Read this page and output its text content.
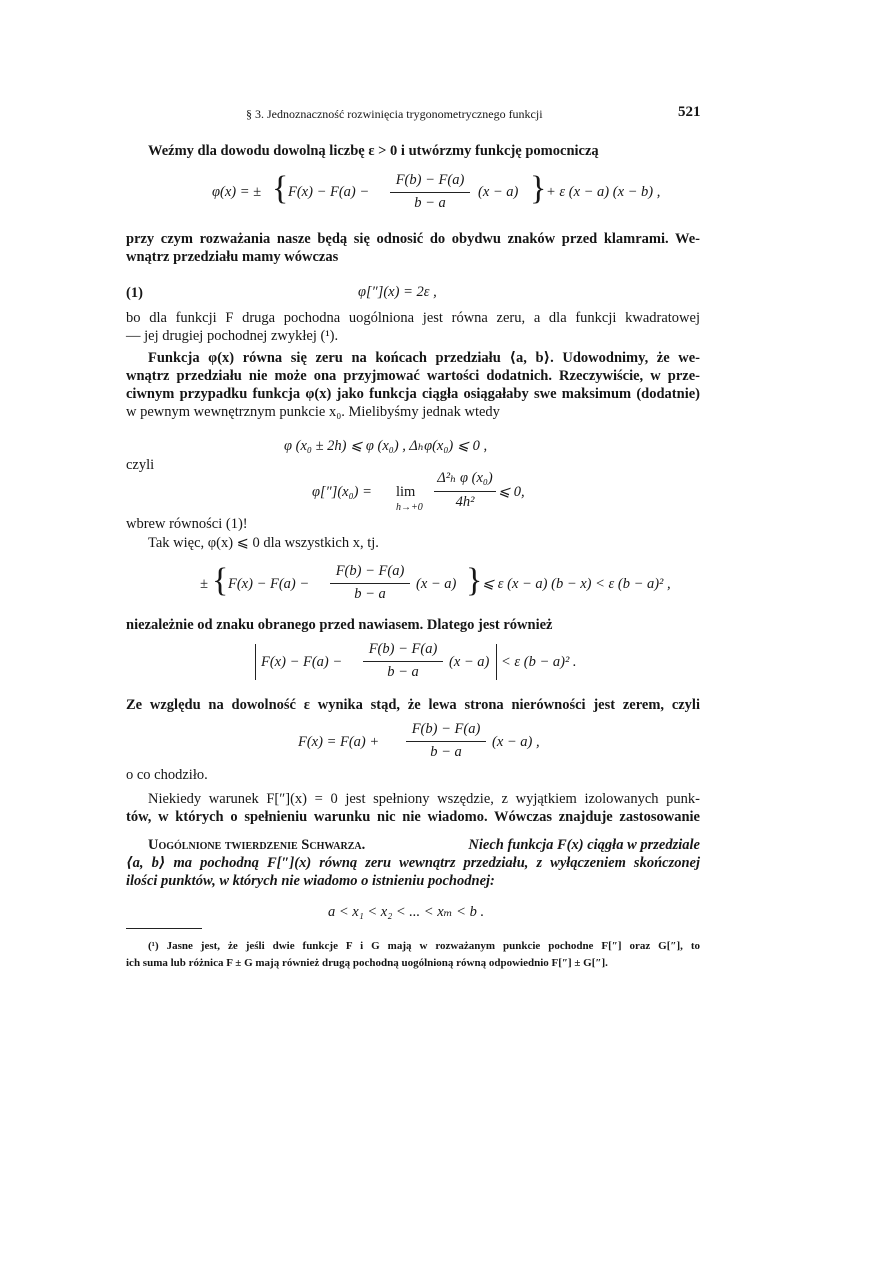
§ 3. Jednoznaczność rozwinięcia trygonometrycznego funkcji	521
Weźmy dla dowodu dowolną liczbę ε > 0 i utwórzmy funkcję pomocniczą
φ(x) = ± { F(x) − F(a) −
F(b) − F(a)
b − a
(x − a) } + ε (x − a) (x − b) ,
przy czym rozważania nasze będą się odnosić do obydwu znaków przed klamrami. We-
wnątrz przedziału mamy wówczas
(1)	φ[″](x) = 2ε ,
bo dla funkcji F druga pochodna uogólniona jest równa zeru, a dla funkcji kwadratowej
— jej drugiej pochodnej zwykłej (¹).
Funkcja φ(x) równa się zeru na końcach przedziału ⟨a, b⟩. Udowodnimy, że we-
wnątrz przedziału nie może ona przyjmować wartości dodatnich. Rzeczywiście, w prze-
ciwnym przypadku funkcja φ(x) jako funkcja ciągła osiągałaby swe maksimum (dodatnie)
w pewnym wewnętrznym punkcie x₀. Mielibyśmy jednak wtedy
φ (x₀ ± 2h) ⩽ φ (x₀) , Δₕφ(x₀) ⩽ 0 ,
czyli
φ[″](x₀) = lim
h→+0
Δ²ₕ φ (x₀)
4h²
⩽ 0,
wbrew równości (1)!
Tak więc, φ(x) ⩽ 0 dla wszystkich x, tj.
± { F(x) − F(a) −
F(b) − F(a)
b − a
(x − a) } ⩽ ε (x − a) (b − x) < ε (b − a)² ,
niezależnie od znaku obranego przed nawiasem. Dlatego jest również
F(x) − F(a) −
F(b) − F(a)
b − a
(x − a) < ε (b − a)² .
Ze względu na dowolność ε wynika stąd, że lewa strona nierówności jest zerem, czyli
F(x) = F(a) +
F(b) − F(a)
b − a
(x − a) ,
o co chodziło.
Niekiedy warunek F[″](x) = 0 jest spełniony wszędzie, z wyjątkiem izolowanych punk-
tów, w których o spełnieniu warunku nic nie wiadomo. Wówczas znajduje zastosowanie
Uogólnione twierdzenie Schwarza.	Niech funkcja F(x) ciągła w przedziale
⟨a, b⟩ ma pochodną F[″](x) równą zeru wewnątrz przedziału, z wyłączeniem skończonej
ilości punktów, w których nie wiadomo o istnieniu pochodnej:
a < x₁ < x₂ < ... < xₘ < b .
(¹) Jasne jest, że jeśli dwie funkcje F i G mają w rozważanym punkcie pochodne F[″] oraz G[″], to
ich suma lub różnica F ± G mają również drugą pochodną uogólnioną równą odpowiednio F[″] ± G[″].
